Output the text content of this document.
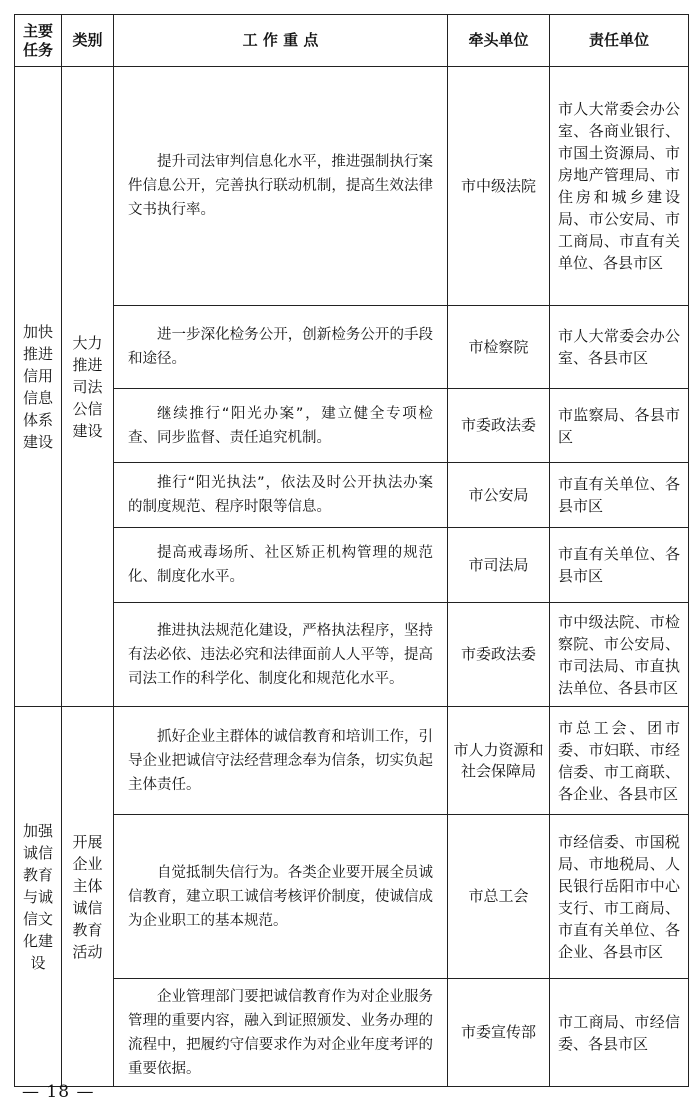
主要任务	类别	工 作 重 点	牵头单位	责任单位

加快推进信用信息体系建设	大力推进司法公信建设	提升司法审判信息化水平，推进强制执行案件信息公开，完善执行联动机制，提高生效法律文书执行率。	市中级法院	市人大常委会办公室、各商业银行、市国土资源局、市房地产管理局、市住房和城乡建设局、市公安局、市工商局、市直有关单位、各县市区
		进一步深化检务公开，创新检务公开的手段和途径。	市检察院	市人大常委会办公室、各县市区
		继续推行“阳光办案”，建立健全专项检查、同步监督、责任追究机制。	市委政法委	市监察局、各县市区
		推行“阳光执法”，依法及时公开执法办案的制度规范、程序时限等信息。	市公安局	市直有关单位、各县市区
		提高戒毒场所、社区矫正机构管理的规范化、制度化水平。	市司法局	市直有关单位、各县市区
		推进执法规范化建设，严格执法程序，坚持有法必依、违法必究和法律面前人人平等，提高司法工作的科学化、制度化和规范化水平。	市委政法委	市中级法院、市检察院、市公安局、市司法局、市直执法单位、各县市区

加强诚信教育与诚信文化建设	开展企业主体诚信教育活动	抓好企业主群体的诚信教育和培训工作，引导企业把诚信守法经营理念奉为信条，切实负起主体责任。	市人力资源和社会保障局	市总工会、团市委、市妇联、市经信委、市工商联、各企业、各县市区
		自觉抵制失信行为。各类企业要开展全员诚信教育，建立职工诚信考核评价制度，使诚信成为企业职工的基本规范。	市总工会	市经信委、市国税局、市地税局、人民银行岳阳市中心支行、市工商局、市直有关单位、各企业、各县市区
		企业管理部门要把诚信教育作为对企业服务管理的重要内容，融入到证照颁发、业务办理的流程中，把履约守信要求作为对企业年度考评的重要依据。	市委宣传部	市工商局、市经信委、各县市区
— 18 —
